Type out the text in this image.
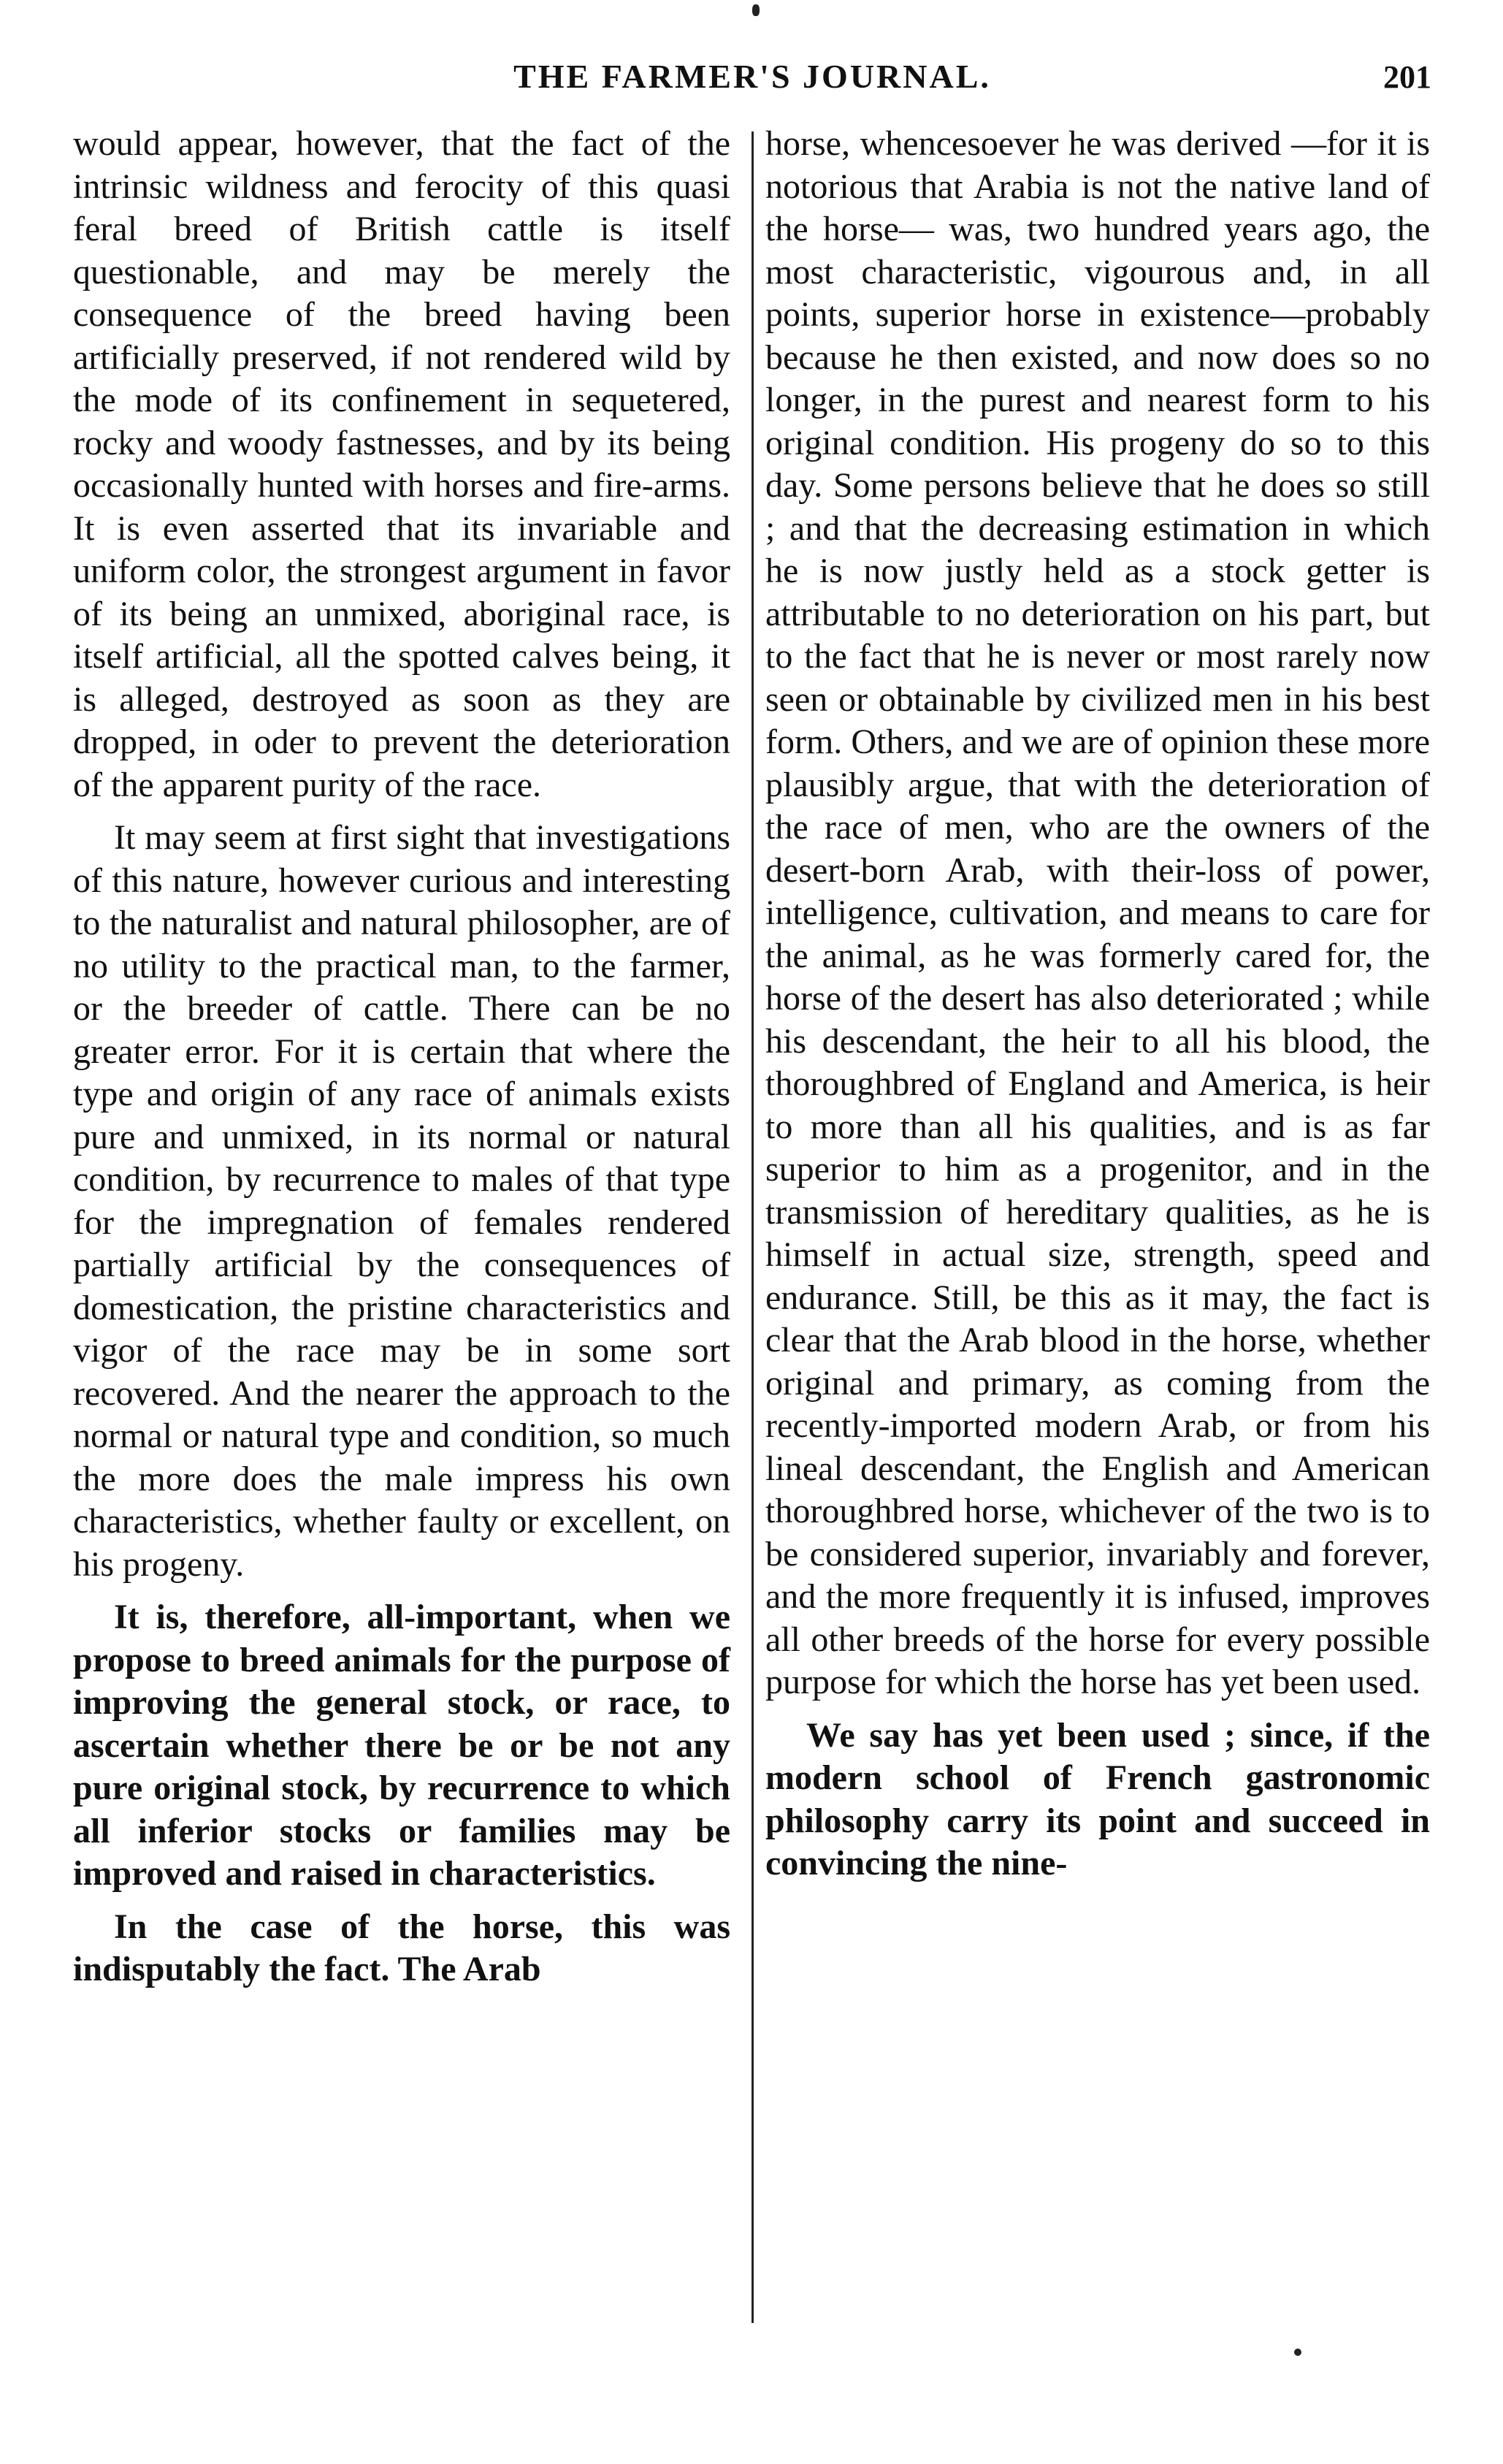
THE FARMER'S JOURNAL.	201

would appear, however, that the fact of the intrinsic wildness and ferocity of this quasi feral breed of British cattle is itself questionable, and may be merely the consequence of the breed having been artificially preserved, if not rendered wild by the mode of its confinement in sequetered, rocky and woody fastnesses, and by its being occasionally hunted with horses and fire-arms. It is even asserted that its invariable and uniform color, the strongest argument in favor of its being an unmixed, aboriginal race, is itself artificial, all the spotted calves being, it is alleged, destroyed as soon as they are dropped, in oder to prevent the deterioration of the apparent purity of the race.

It may seem at first sight that investigations of this nature, however curious and interesting to the naturalist and natural philosopher, are of no utility to the practical man, to the farmer, or the breeder of cattle. There can be no greater error. For it is certain that where the type and origin of any race of animals exists pure and unmixed, in its normal or natural condition, by recurrence to males of that type for the impregnation of females rendered partially artificial by the consequences of domestication, the pristine characteristics and vigor of the race may be in some sort recovered. And the nearer the approach to the normal or natural type and condition, so much the more does the male impress his own characteristics, whether faulty or excellent, on his progeny.

It is, therefore, all-important, when we propose to breed animals for the purpose of improving the general stock, or race, to ascertain whether there be or be not any pure original stock, by recurrence to which all inferior stocks or families may be improved and raised in characteristics.

In the case of the horse, this was indisputably the fact. The Arab

horse, whencesoever he was derived —for it is notorious that Arabia is not the native land of the horse— was, two hundred years ago, the most characteristic, vigourous and, in all points, superior horse in existence—probably because he then existed, and now does so no longer, in the purest and nearest form to his original condition. His progeny do so to this day. Some persons believe that he does so still ; and that the decreasing estimation in which he is now justly held as a stock getter is attributable to no deterioration on his part, but to the fact that he is never or most rarely now seen or obtainable by civilized men in his best form. Others, and we are of opinion these more plausibly argue, that with the deterioration of the race of men, who are the owners of the desert-born Arab, with their-loss of power, intelligence, cultivation, and means to care for the animal, as he was formerly cared for, the horse of the desert has also deteriorated ; while his descendant, the heir to all his blood, the thoroughbred of England and America, is heir to more than all his qualities, and is as far superior to him as a progenitor, and in the transmission of hereditary qualities, as he is himself in actual size, strength, speed and endurance. Still, be this as it may, the fact is clear that the Arab blood in the horse, whether original and primary, as coming from the recently-imported modern Arab, or from his lineal descendant, the English and American thoroughbred horse, whichever of the two is to be considered superior, invariably and forever, and the more frequently it is infused, improves all other breeds of the horse for every possible purpose for which the horse has yet been used.

We say has yet been used ; since, if the modern school of French gastronomic philosophy carry its point and succeed in convincing the nine-
